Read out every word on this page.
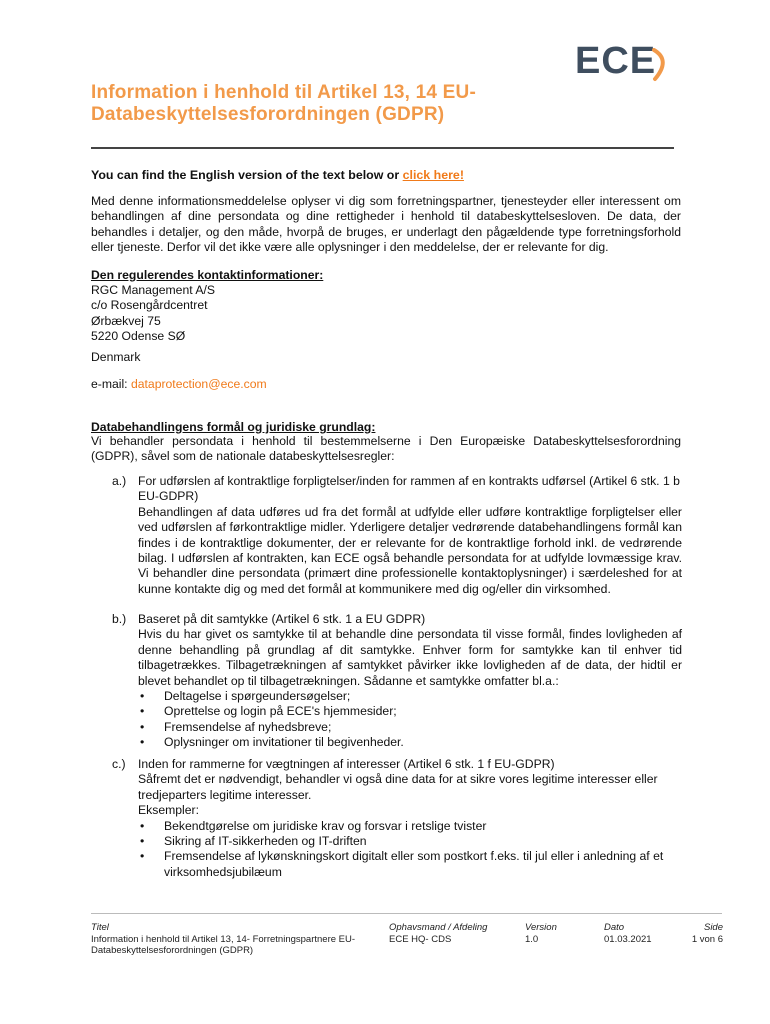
ECE
Information i henhold til Artikel 13, 14 EU-Databeskyttelsesforordningen (GDPR)
You can find the English version of the text below or click here!
Med denne informationsmeddelelse oplyser vi dig som forretningspartner, tjenesteyder eller interessent om behandlingen af dine persondata og dine rettigheder i henhold til databeskyttelsesloven. De data, der behandles i detaljer, og den måde, hvorpå de bruges, er underlagt den pågældende type forretningsforhold eller tjeneste. Derfor vil det ikke være alle oplysninger i den meddelelse, der er relevante for dig.
Den regulerendes kontaktinformationer:
RGC Management A/S
c/o Rosengårdcentret
Ørbækvej 75
5220 Odense SØ
Denmark
e-mail: dataprotection@ece.com
Databehandlingens formål og juridiske grundlag:
Vi behandler persondata i henhold til bestemmelserne i Den Europæiske Databeskyttelsesforordning (GDPR), såvel som de nationale databeskyttelsesregler:
a.) For udførslen af kontraktlige forpligtelser/inden for rammen af en kontrakts udførsel (Artikel 6 stk. 1 b EU-GDPR)
Behandlingen af data udføres ud fra det formål at udfylde eller udføre kontraktlige forpligtelser eller ved udførslen af førkontraktlige midler. Yderligere detaljer vedrørende databehandlingens formål kan findes i de kontraktlige dokumenter, der er relevante for de kontraktlige forhold inkl. de vedrørende bilag. I udførslen af kontrakten, kan ECE også behandle persondata for at udfylde lovmæssige krav. Vi behandler dine persondata (primært dine professionelle kontaktoplysninger) i særdeleshed for at kunne kontakte dig og med det formål at kommunikere med dig og/eller din virksomhed.
b.) Baseret på dit samtykke (Artikel 6 stk. 1 a EU GDPR)
Hvis du har givet os samtykke til at behandle dine persondata til visse formål, findes lovligheden af denne behandling på grundlag af dit samtykke. Enhver form for samtykke kan til enhver tid tilbagetrækkes. Tilbagetrækningen af samtykket påvirker ikke lovligheden af de data, der hidtil er blevet behandlet op til tilbagetrækningen. Sådanne et samtykke omfatter bl.a.:
• Deltagelse i spørgeundersøgelser;
• Oprettelse og login på ECE's hjemmesider;
• Fremsendelse af nyhedsbreve;
• Oplysninger om invitationer til begivenheder.
c.) Inden for rammerne for vægtningen af interesser (Artikel 6 stk. 1 f EU-GDPR)
Såfremt det er nødvendigt, behandler vi også dine data for at sikre vores legitime interesser eller tredjeparters legitime interesser.
Eksempler:
• Bekendtgørelse om juridiske krav og forsvar i retslige tvister
• Sikring af IT-sikkerheden og IT-driften
• Fremsendelse af lykønskningskort digitalt eller som postkort f.eks. til jul eller i anledning af et virksomhedsjubilæum
Titel
Information i henhold til Artikel 13, 14- Forretningspartnere EU-Databeskyttelsesforordningen (GDPR)
Ophavsmand / Afdeling
ECE HQ- CDS
Version
1.0
Dato
01.03.2021
Side
1 von 6
